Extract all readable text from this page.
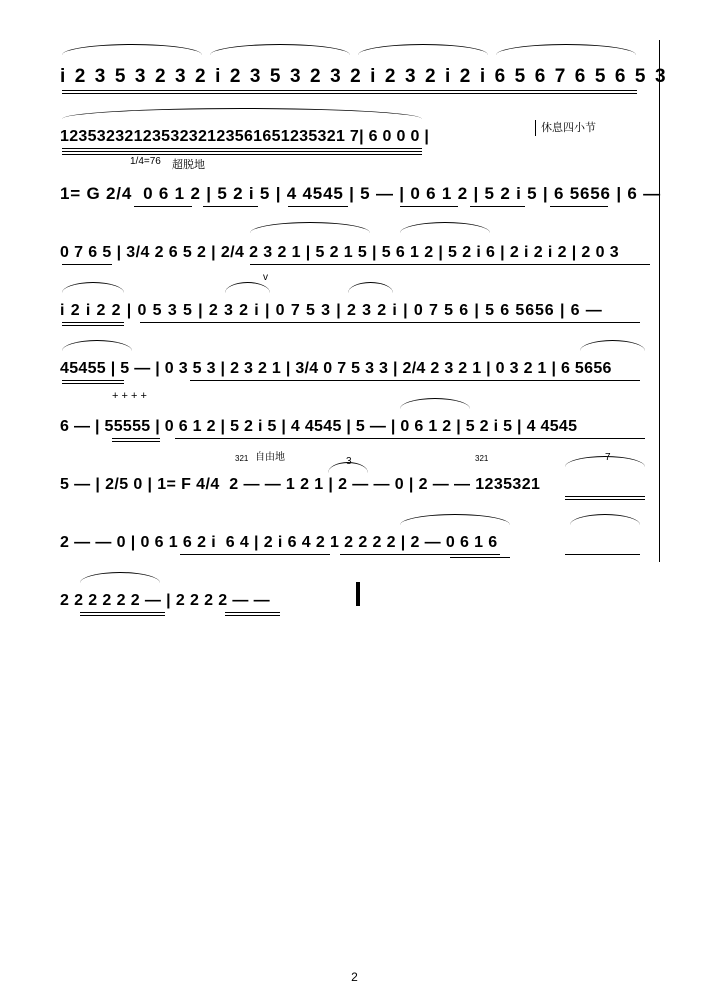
i 2 3 5 3 2 3 2 i 2 3 5 3 2 3 2 i 2 3 2 i 2 i 6 5 6 7 6 5 6 5 3
1235323212353232123561651235321 7| 6 0 0 0 |	休息四小节
1/4=76 超脱地
1= G 2/4  0 6 1 2 | 5 2 i 5 | 4 4545 | 5 — | 0 6 1 2 | 5 2 i 5 | 6 5656 | 6 —
0 7 6 5 | 3/4 2 6 5 2 | 2/4 2 3 2 1 | 5 2 1 5 | 5 6 1 2 | 5 2 i 6 | 2 i 2 i 2 | 2 0 3
v
i 2 i 2 2 | 0 5 3 5 | 2 3 2 i | 0 7 5 3 | 2 3 2 i | 0 7 5 6 | 5 6 5656 | 6 —
45455 | 5 — | 0 3 5 3 | 2 3 2 1 | 3/4 0 7 5 3 3 | 2/4 2 3 2 1 | 0 3 2 1 | 6 5656
+ + + +
6 — | 55555 | 0 6 1 2 | 5 2 i 5 | 4 4545 | 5 — | 0 6 1 2 | 5 2 i 5 | 4 4545
321 自由地	3	321	7
5 — | 2/5 0 | 1= F 4/4  2 — — 1 2 1 | 2 — — 0 | 2 — — 1235321
2 — — 0 | 0 6 1 6 2 i  6 4 | 2 i 6 4 2 1 2 2 2 2 | 2 — 0 6 1 6
2 2 2 2 2 2 — | 2 2 2 2 — —
2
